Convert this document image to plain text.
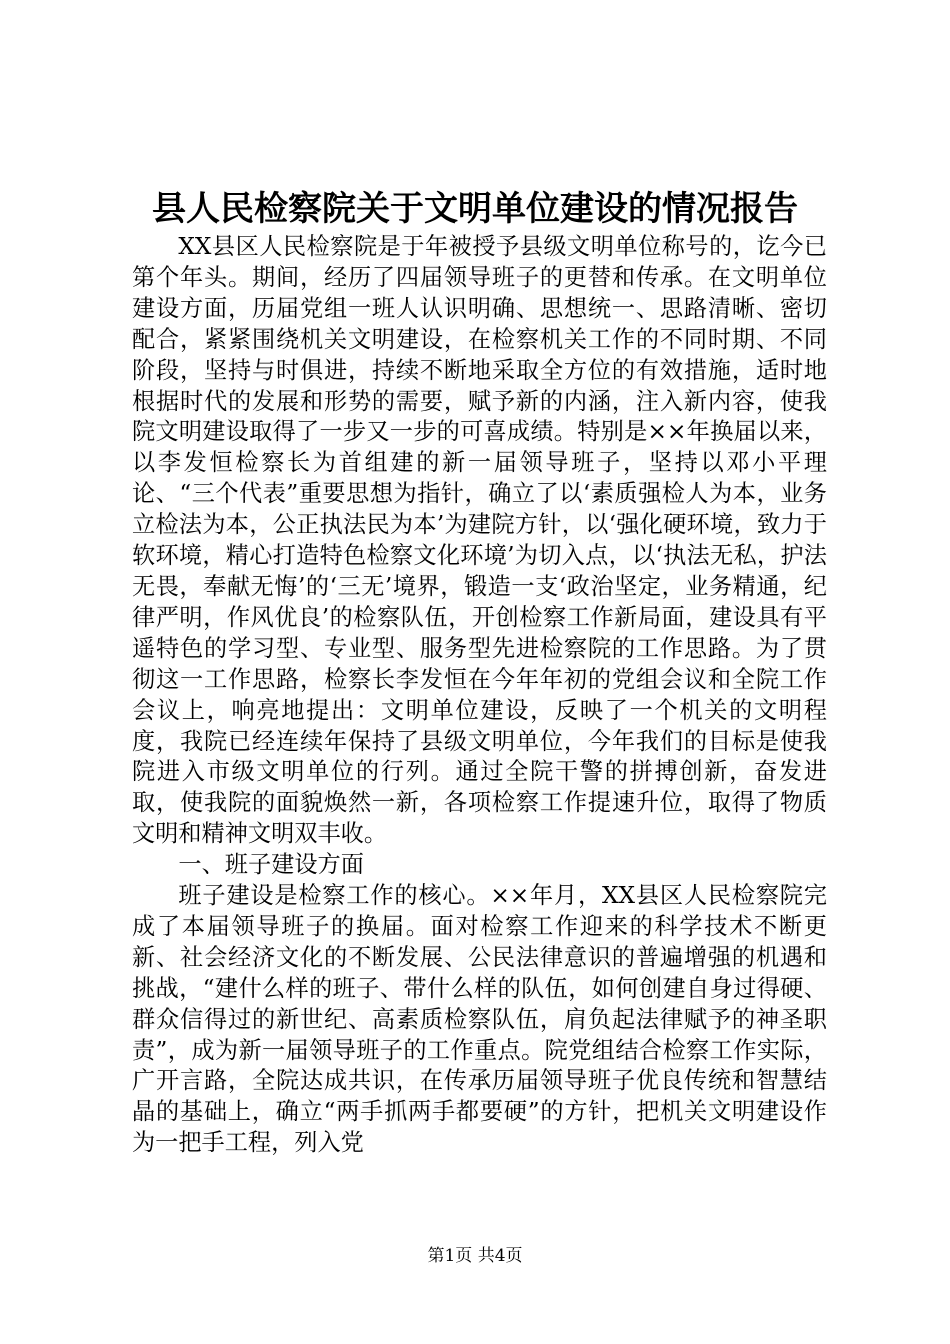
县人民检察院关于文明单位建设的情况报告

XX县区人民检察院是于年被授予县级文明单位称号的，讫今已第个年头。期间，经历了四届领导班子的更替和传承。在文明单位建设方面，历届党组一班人认识明确、思想统一、思路清晰、密切配合，紧紧围绕机关文明建设，在检察机关工作的不同时期、不同阶段，坚持与时俱进，持续不断地采取全方位的有效措施，适时地根据时代的发展和形势的需要，赋予新的内涵，注入新内容，使我院文明建设取得了一步又一步的可喜成绩。特别是××年换届以来，以李发恒检察长为首组建的新一届领导班子，坚持以邓小平理论、“三个代表”重要思想为指针，确立了以‘素质强检人为本，业务立检法为本，公正执法民为本’为建院方针，以‘强化硬环境，致力于软环境，精心打造特色检察文化环境’为切入点，以‘执法无私，护法无畏，奉献无悔’的‘三无’境界，锻造一支‘政治坚定，业务精通，纪律严明，作风优良’的检察队伍，开创检察工作新局面，建设具有平遥特色的学习型、专业型、服务型先进检察院的工作思路。为了贯彻这一工作思路，检察长李发恒在今年年初的党组会议和全院工作会议上，响亮地提出：文明单位建设，反映了一个机关的文明程度，我院已经连续年保持了县级文明单位，今年我们的目标是使我院进入市级文明单位的行列。通过全院干警的拼搏创新，奋发进取，使我院的面貌焕然一新，各项检察工作提速升位，取得了物质文明和精神文明双丰收。

一、班子建设方面

班子建设是检察工作的核心。××年月，XX县区人民检察院完成了本届领导班子的换届。面对检察工作迎来的科学技术不断更新、社会经济文化的不断发展、公民法律意识的普遍增强的机遇和挑战，“建什么样的班子、带什么样的队伍，如何创建自身过得硬、群众信得过的新世纪、高素质检察队伍，肩负起法律赋予的神圣职责”，成为新一届领导班子的工作重点。院党组结合检察工作实际，广开言路，全院达成共识，在传承历届领导班子优良传统和智慧结晶的基础上，确立“两手抓两手都要硬”的方针，把机关文明建设作为一把手工程，列入党

第1页 共4页
